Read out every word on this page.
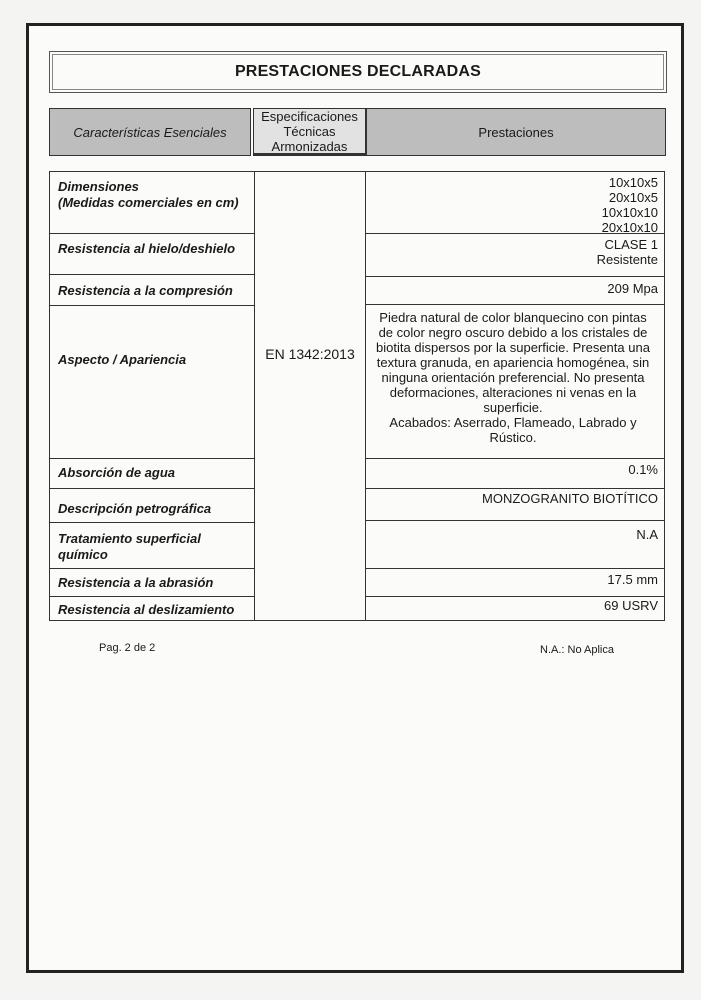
PRESTACIONES DECLARADAS
Características Esenciales
Especificaciones
Técnicas
Armonizadas
Prestaciones
Dimensiones
(Medidas comerciales en cm)
Resistencia al hielo/deshielo
Resistencia a la compresión
Aspecto / Apariencia
Absorción de agua
Descripción petrográfica
Tratamiento superficial
químico
Resistencia a la abrasión
Resistencia al deslizamiento
EN 1342:2013
10x10x5
20x10x5
10x10x10
20x10x10
CLASE 1
Resistente
209 Mpa
Piedra natural de color blanquecino con pintas
de color negro oscuro debido a los cristales de
biotita dispersos por la superficie. Presenta una
textura granuda, en apariencia homogénea, sin
ninguna orientación preferencial. No presenta
deformaciones, alteraciones ni venas en la
superficie.
Acabados: Aserrado, Flameado, Labrado y
Rústico.
0.1%
MONZOGRANITO BIOTÍTICO
N.A
17.5 mm
69 USRV
Pag. 2 de 2	N.A.: No Aplica
